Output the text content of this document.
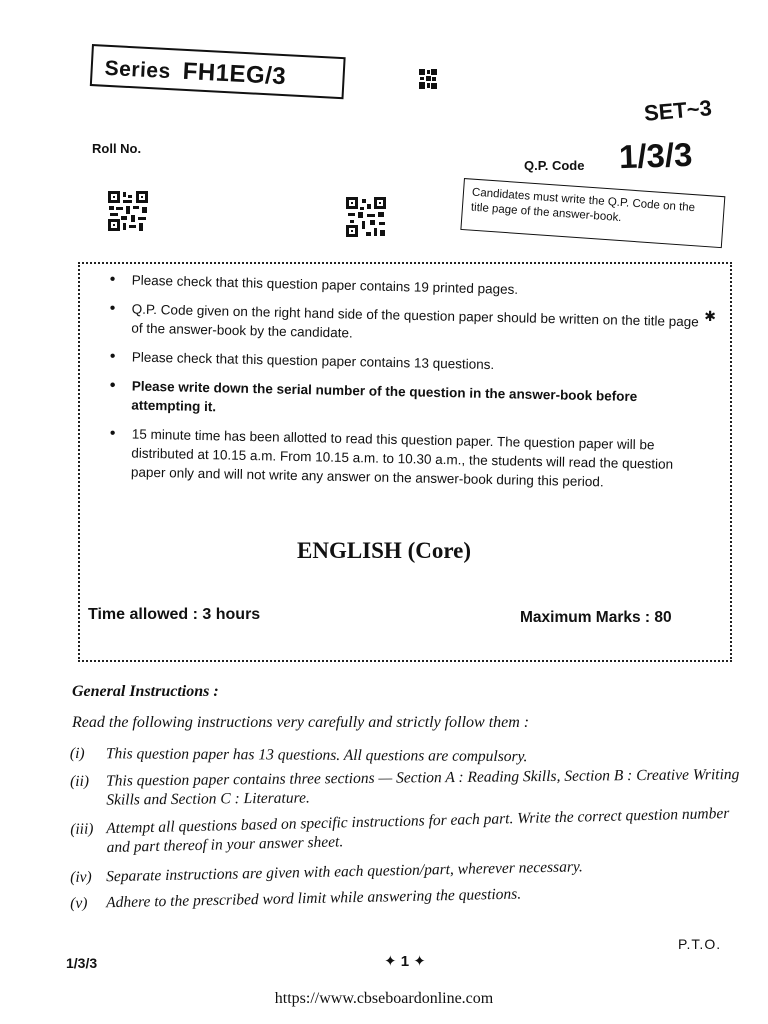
Series FH1EG/3
SET~3
Roll No.
Q.P. Code 1/3/3
Candidates must write the Q.P. Code on the title page of the answer-book.
✱
• Please check that this question paper contains 19 printed pages.
• Q.P. Code given on the right hand side of the question paper should be written on the title page of the answer-book by the candidate.
• Please check that this question paper contains 13 questions.
• Please write down the serial number of the question in the answer-book before attempting it.
• 15 minute time has been allotted to read this question paper. The question paper will be distributed at 10.15 a.m. From 10.15 a.m. to 10.30 a.m., the students will read the question paper only and will not write any answer on the answer-book during this period.
ENGLISH (Core)
Time allowed : 3 hours	Maximum Marks : 80
General Instructions :
Read the following instructions very carefully and strictly follow them :
(i)	This question paper has 13 questions. All questions are compulsory.
(ii)	This question paper contains three sections — Section A : Reading Skills, Section B : Creative Writing Skills and Section C : Literature.
(iii) Attempt all questions based on specific instructions for each part. Write the correct question number and part thereof in your answer sheet.
(iv) Separate instructions are given with each question/part, wherever necessary.
(v)	Adhere to the prescribed word limit while answering the questions.
1/3/3	✦ 1 ✦
P.T.O.
https://www.cbseboardonline.com
